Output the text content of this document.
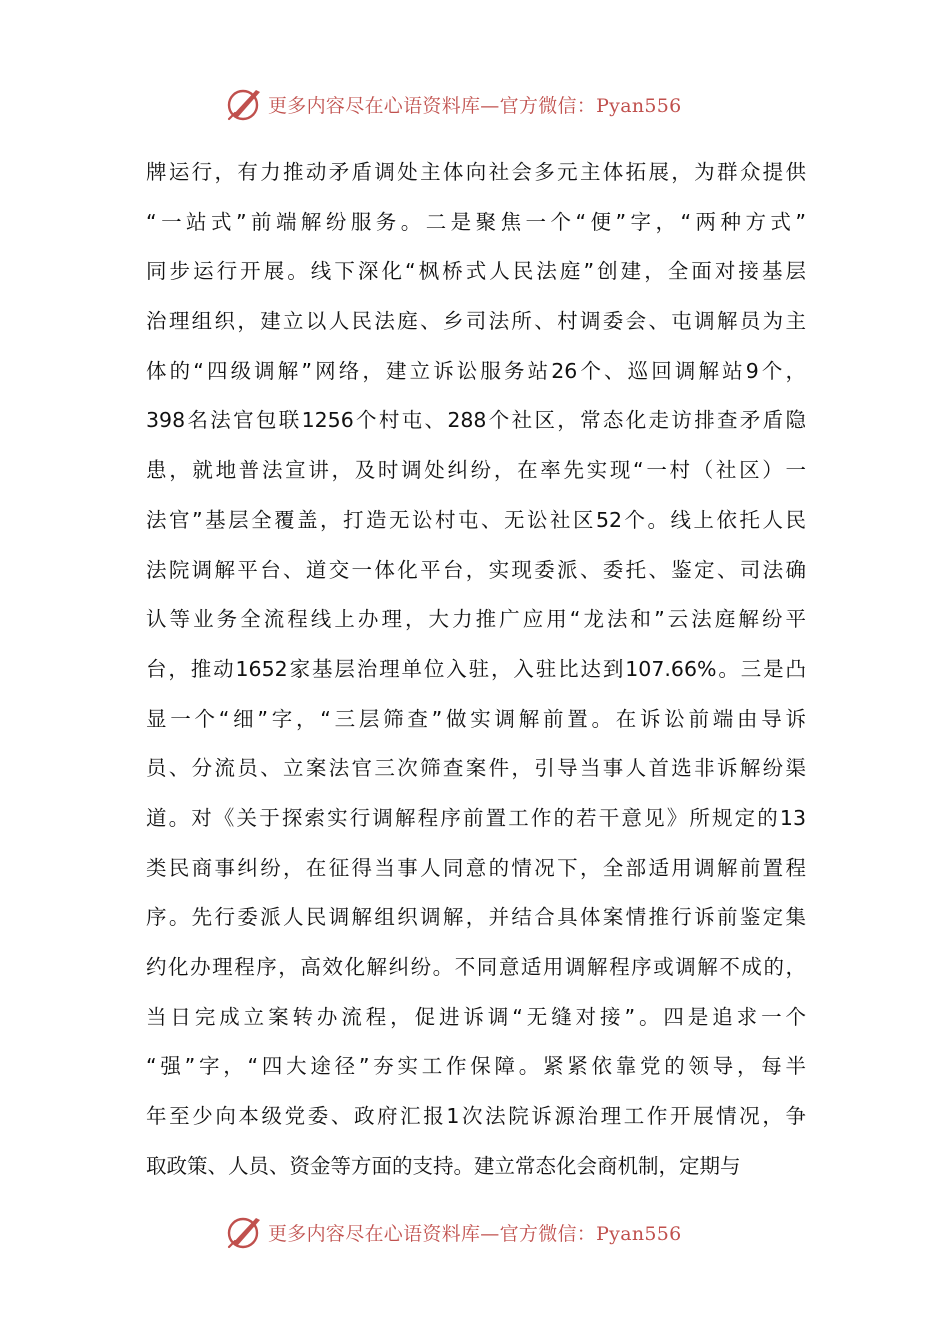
更多内容尽在心语资料库—官方微信：Pyan556
牌运行，有力推动矛盾调处主体向社会多元主体拓展，为群众提供
“一站式”前端解纷服务。二是聚焦一个“便”字，“两种方式”
同步运行开展。线下深化“枫桥式人民法庭”创建，全面对接基层
治理组织，建立以人民法庭、乡司法所、村调委会、屯调解员为主
体的“四级调解”网络，建立诉讼服务站26个、巡回调解站9个，
398名法官包联1256个村屯、288个社区，常态化走访排查矛盾隐
患，就地普法宣讲，及时调处纠纷，在率先实现“一村（社区）一
法官”基层全覆盖，打造无讼村屯、无讼社区52个。线上依托人民
法院调解平台、道交一体化平台，实现委派、委托、鉴定、司法确
认等业务全流程线上办理，大力推广应用“龙法和”云法庭解纷平
台，推动1652家基层治理单位入驻，入驻比达到107.66%。三是凸
显一个“细”字，“三层筛查”做实调解前置。在诉讼前端由导诉
员、分流员、立案法官三次筛查案件，引导当事人首选非诉解纷渠
道。对《关于探索实行调解程序前置工作的若干意见》所规定的13
类民商事纠纷，在征得当事人同意的情况下，全部适用调解前置程
序。先行委派人民调解组织调解，并结合具体案情推行诉前鉴定集
约化办理程序，高效化解纠纷。不同意适用调解程序或调解不成的，
当日完成立案转办流程，促进诉调“无缝对接”。四是追求一个
“强”字，“四大途径”夯实工作保障。紧紧依靠党的领导，每半
年至少向本级党委、政府汇报1次法院诉源治理工作开展情况，争
取政策、人员、资金等方面的支持。建立常态化会商机制，定期与
更多内容尽在心语资料库—官方微信：Pyan556
